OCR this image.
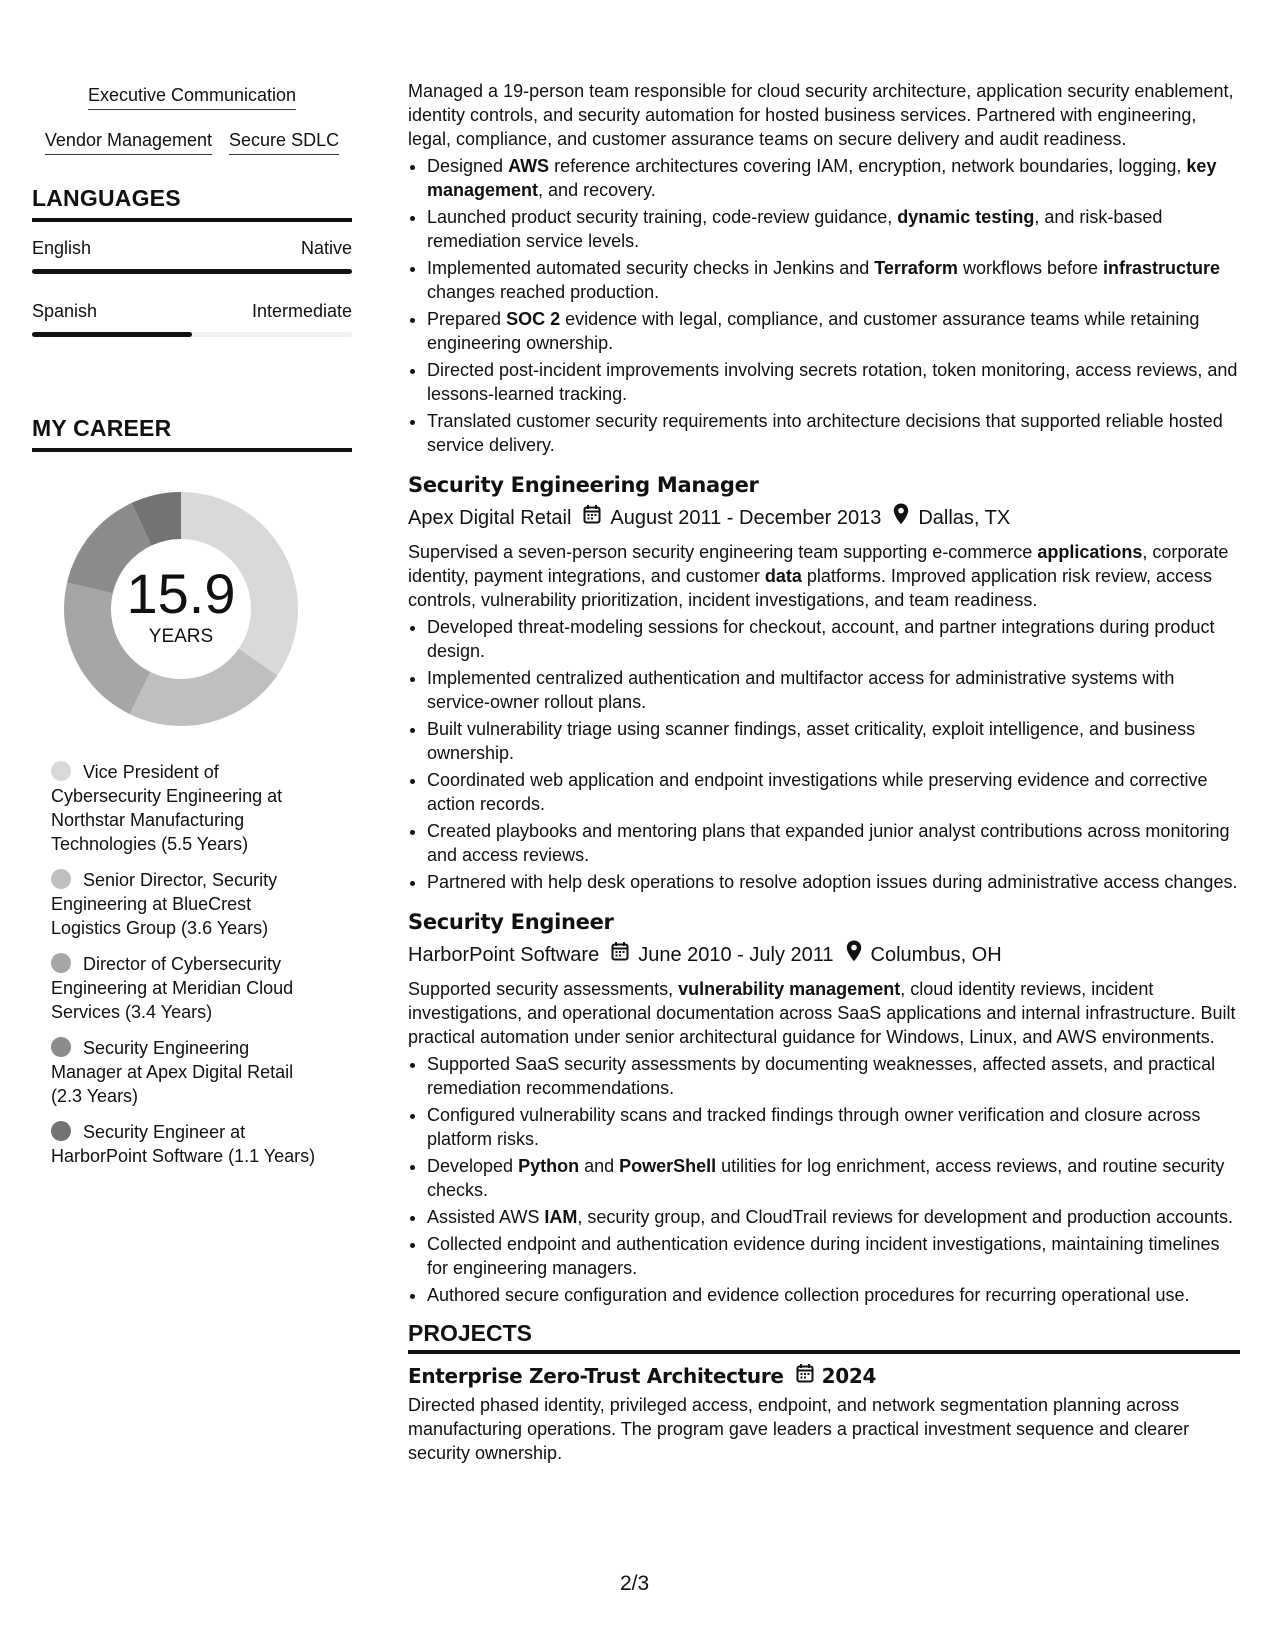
Executive Communication
Vendor Management Secure SDLC
LANGUAGES
English	Native
Spanish	Intermediate
MY CAREER
15.9
YEARS
Vice President of Cybersecurity Engineering at Northstar Manufacturing Technologies (5.5 Years)
Senior Director, Security Engineering at BlueCrest Logistics Group (3.6 Years)
Director of Cybersecurity Engineering at Meridian Cloud Services (3.4 Years)
Security Engineering Manager at Apex Digital Retail (2.3 Years)
Security Engineer at HarborPoint Software (1.1 Years)

Managed a 19-person team responsible for cloud security architecture, application security enablement, identity controls, and security automation for hosted business services. Partnered with engineering, legal, compliance, and customer assurance teams on secure delivery and audit readiness.

• Designed AWS reference architectures covering IAM, encryption, network boundaries, logging, key management, and recovery.
• Launched product security training, code-review guidance, dynamic testing, and risk-based remediation service levels.
• Implemented automated security checks in Jenkins and Terraform workflows before infrastructure changes reached production.
• Prepared SOC 2 evidence with legal, compliance, and customer assurance teams while retaining engineering ownership.
• Directed post-incident improvements involving secrets rotation, token monitoring, access reviews, and lessons-learned tracking.
• Translated customer security requirements into architecture decisions that supported reliable hosted service delivery.
Security Engineering Manager
Apex Digital Retail August 2011 - December 2013 Dallas, TX

Supervised a seven-person security engineering team supporting e-commerce applications, corporate identity, payment integrations, and customer data platforms. Improved application risk review, access controls, vulnerability prioritization, incident investigations, and team readiness.

• Developed threat-modeling sessions for checkout, account, and partner integrations during product design.
• Implemented centralized authentication and multifactor access for administrative systems with service-owner rollout plans.
• Built vulnerability triage using scanner findings, asset criticality, exploit intelligence, and business ownership.
• Coordinated web application and endpoint investigations while preserving evidence and corrective action records.
• Created playbooks and mentoring plans that expanded junior analyst contributions across monitoring and access reviews.
• Partnered with help desk operations to resolve adoption issues during administrative access changes.
Security Engineer
HarborPoint Software June 2010 - July 2011 Columbus, OH

Supported security assessments, vulnerability management, cloud identity reviews, incident investigations, and operational documentation across SaaS applications and internal infrastructure. Built practical automation under senior architectural guidance for Windows, Linux, and AWS environments.

• Supported SaaS security assessments by documenting weaknesses, affected assets, and practical remediation recommendations.
• Configured vulnerability scans and tracked findings through owner verification and closure across platform risks.
• Developed Python and PowerShell utilities for log enrichment, access reviews, and routine security checks.
• Assisted AWS IAM, security group, and CloudTrail reviews for development and production accounts.
• Collected endpoint and authentication evidence during incident investigations, maintaining timelines for engineering managers.
• Authored secure configuration and evidence collection procedures for recurring operational use.
PROJECTS
Enterprise Zero-Trust Architecture 2024

Directed phased identity, privileged access, endpoint, and network segmentation planning across manufacturing operations. The program gave leaders a practical investment sequence and clearer security ownership.

2/3
